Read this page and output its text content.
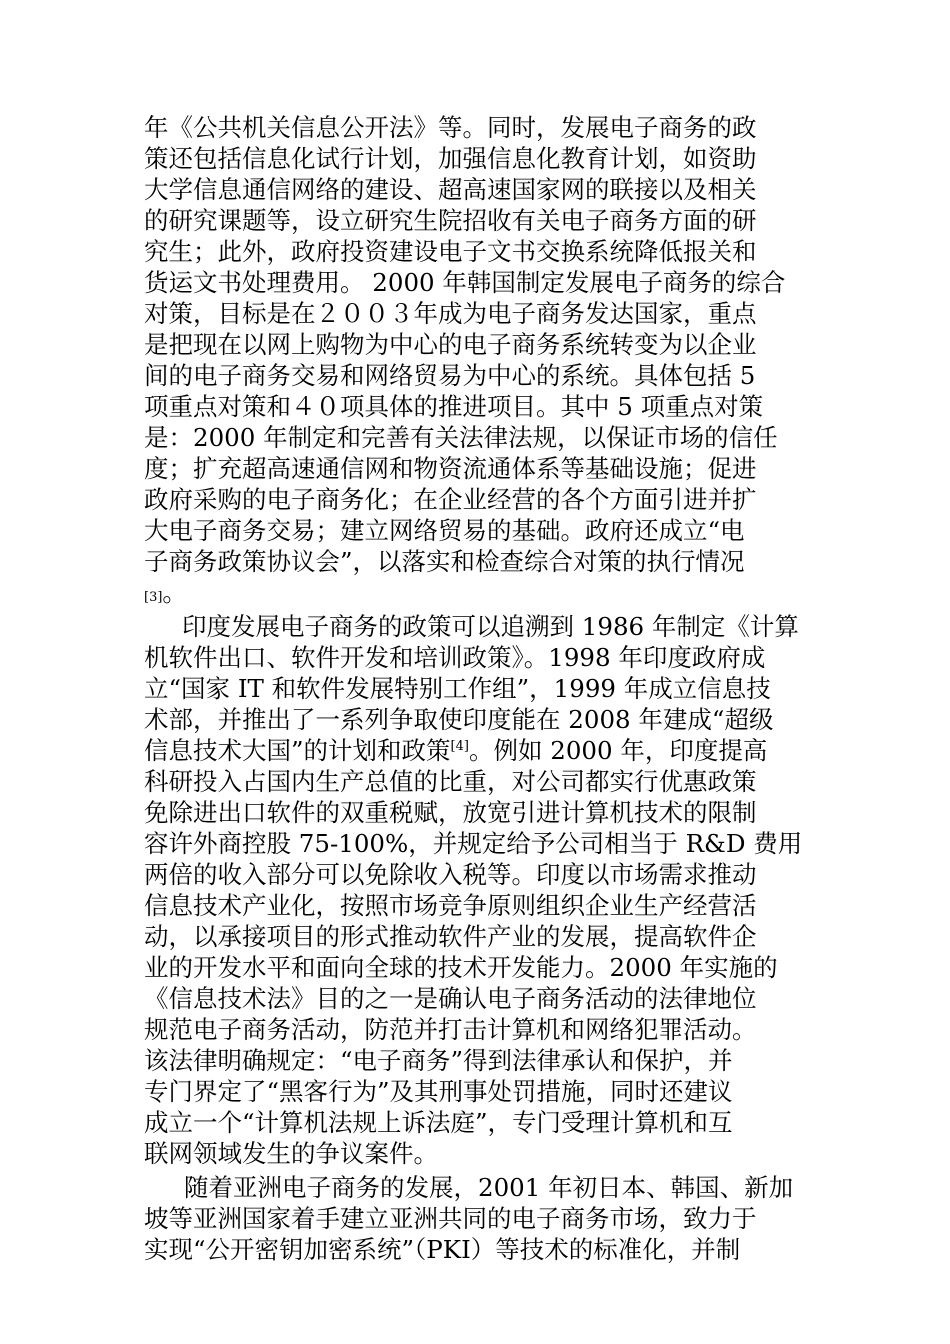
年《公共机关信息公开法》等。同时，发展电子商务的政
策还包括信息化试行计划，加强信息化教育计划，如资助
大学信息通信网络的建设、超高速国家网的联接以及相关
的研究课题等，设立研究生院招收有关电子商务方面的研
究生；此外，政府投资建设电子文书交换系统降低报关和
货运文书处理费用。 2000 年韩国制定发展电子商务的综合
对策，目标是在２００３年成为电子商务发达国家，重点
是把现在以网上购物为中心的电子商务系统转变为以企业
间的电子商务交易和网络贸易为中心的系统。具体包括 5
项重点对策和４０项具体的推进项目。其中 5 项重点对策
是：2000 年制定和完善有关法律法规，以保证市场的信任
度；扩充超高速通信网和物资流通体系等基础设施；促进
政府采购的电子商务化；在企业经营的各个方面引进并扩
大电子商务交易；建立网络贸易的基础。政府还成立“电
子商务政策协议会”，以落实和检查综合对策的执行情况
[3]。
印度发展电子商务的政策可以追溯到 1986 年制定《计算
机软件出口、软件开发和培训政策》。1998 年印度政府成
立“国家 IT 和软件发展特别工作组”，1999 年成立信息技
术部，并推出了一系列争取使印度能在 2008 年建成“超级
信息技术大国”的计划和政策[4]。例如 2000 年，印度提高
科研投入占国内生产总值的比重，对公司都实行优惠政策
免除进出口软件的双重税赋，放宽引进计算机技术的限制
容许外商控股 75-100%，并规定给予公司相当于 R&D 费用
两倍的收入部分可以免除收入税等。印度以市场需求推动
信息技术产业化，按照市场竞争原则组织企业生产经营活
动，以承接项目的形式推动软件产业的发展，提高软件企
业的开发水平和面向全球的技术开发能力。2000 年实施的
《信息技术法》目的之一是确认电子商务活动的法律地位
规范电子商务活动，防范并打击计算机和网络犯罪活动。
该法律明确规定：“电子商务”得到法律承认和保护，并
专门界定了“黑客行为”及其刑事处罚措施，同时还建议
成立一个“计算机法规上诉法庭”，专门受理计算机和互
联网领域发生的争议案件。
随着亚洲电子商务的发展，2001 年初日本、韩国、新加
坡等亚洲国家着手建立亚洲共同的电子商务市场，致力于
实现“公开密钥加密系统”（PKI）等技术的标准化，并制
